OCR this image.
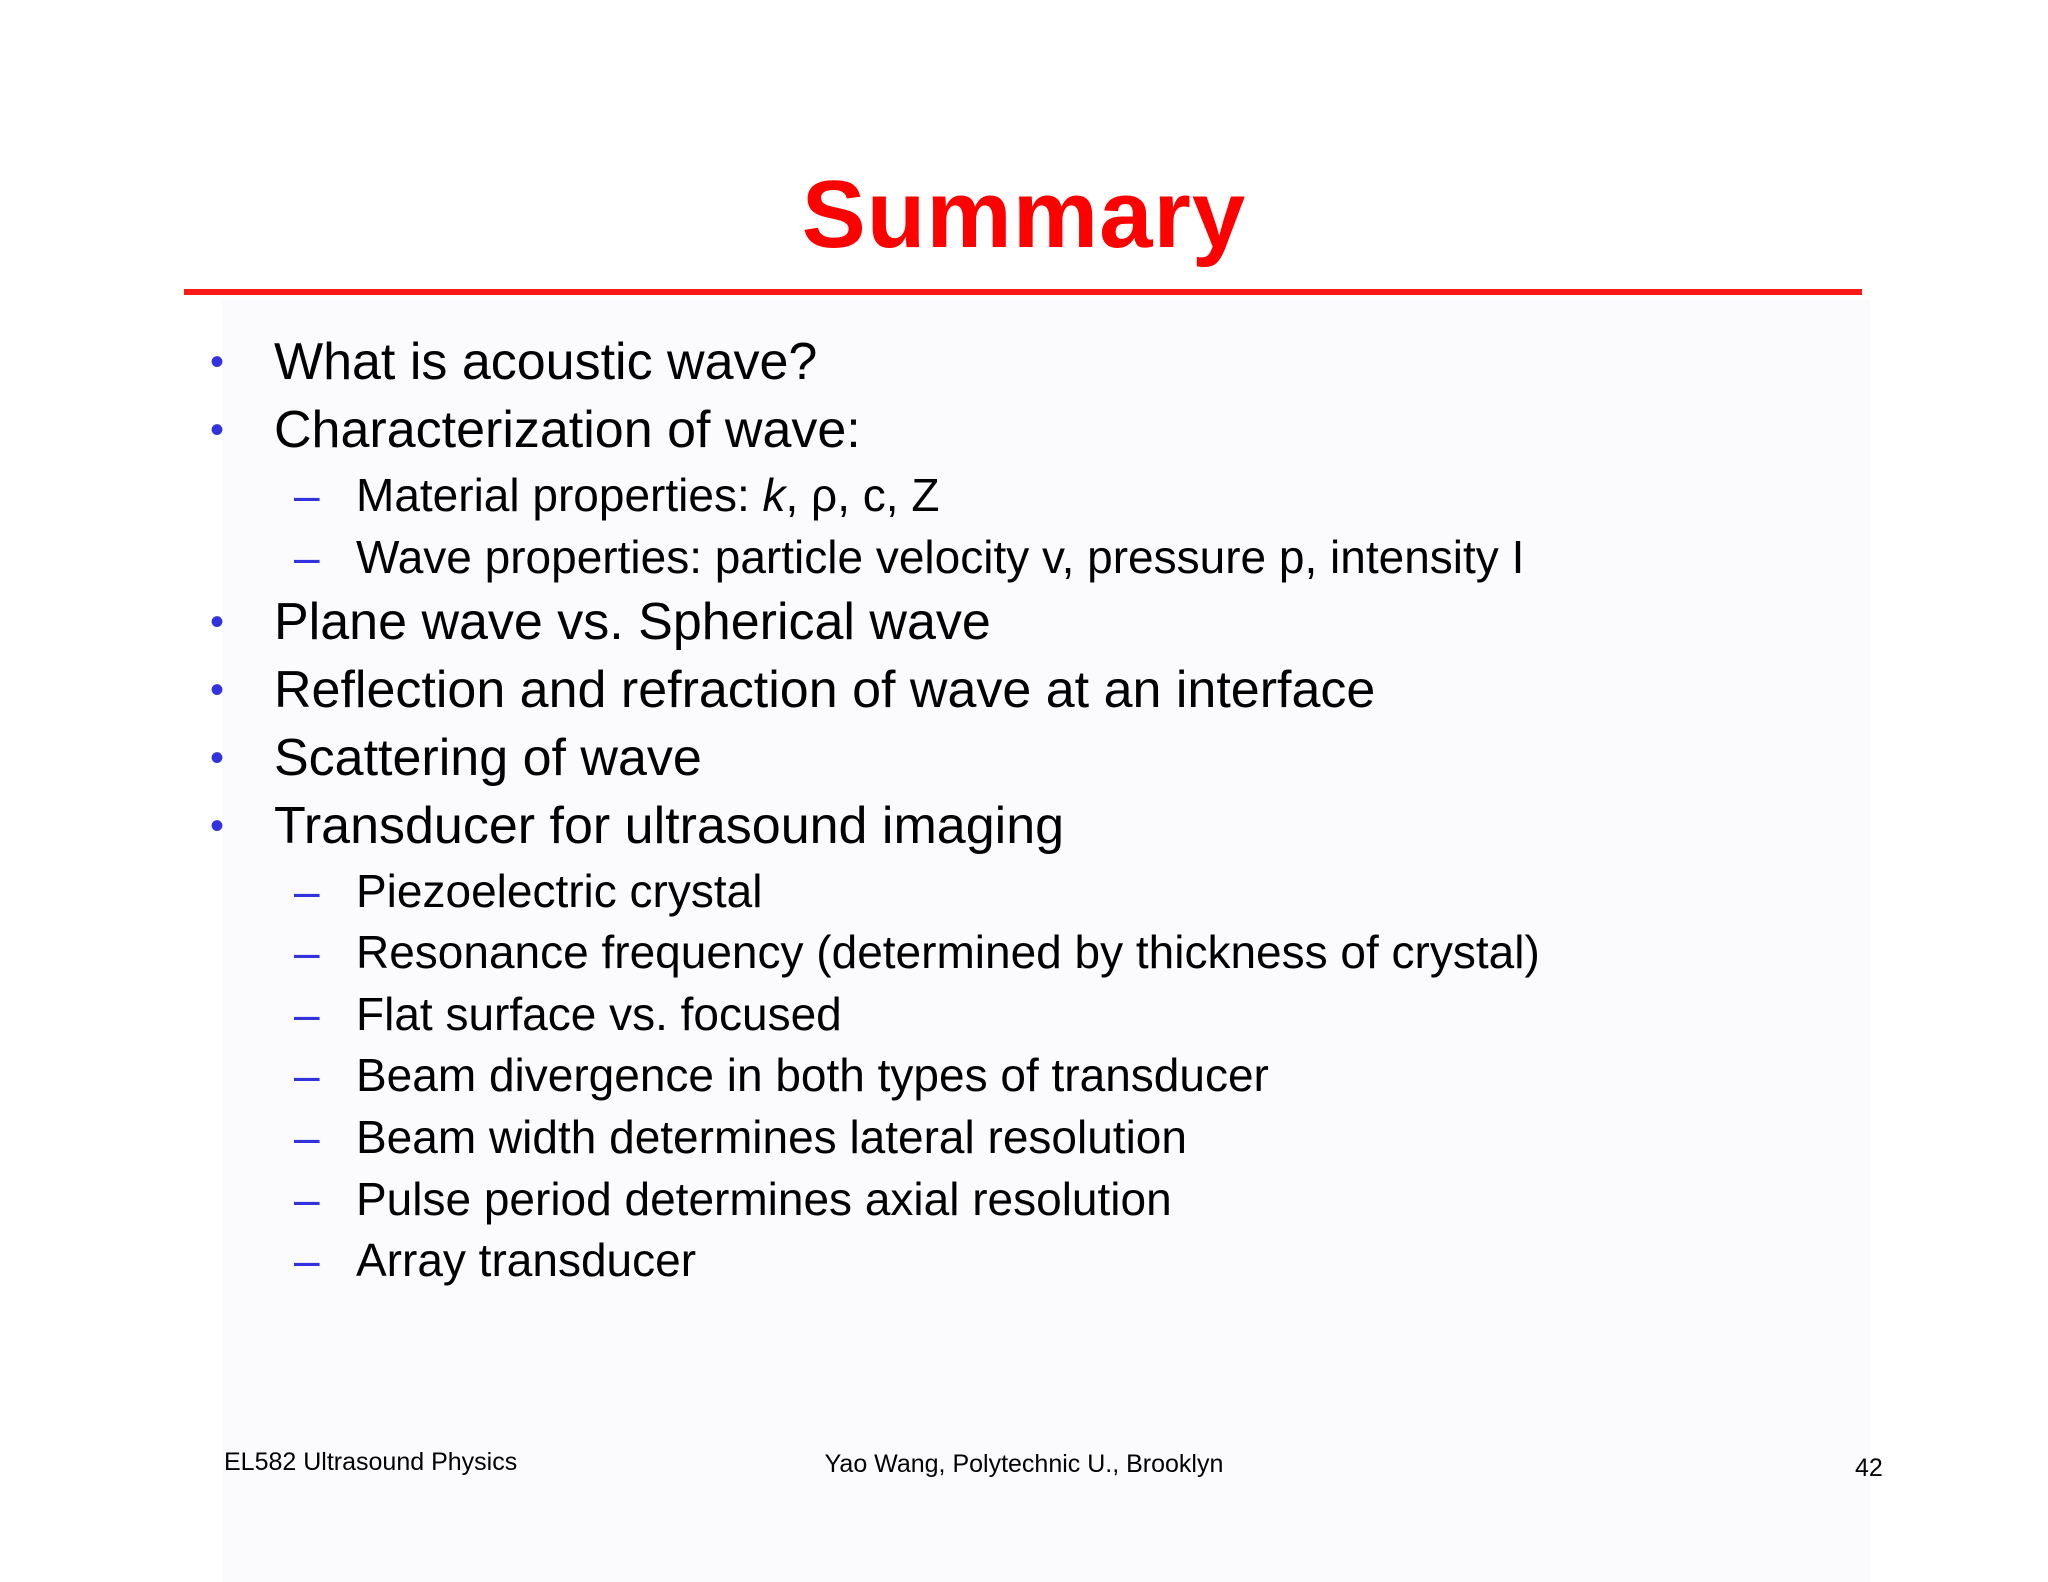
Summary
• What is acoustic wave?
• Characterization of wave:
– Material properties: k, ρ, c, Z
– Wave properties: particle velocity v, pressure p, intensity I
• Plane wave vs. Spherical wave
• Reflection and refraction of wave at an interface
• Scattering of wave
• Transducer for ultrasound imaging
– Piezoelectric crystal
– Resonance frequency (determined by thickness of crystal)
– Flat surface vs. focused
– Beam divergence in both types of transducer
– Beam width determines lateral resolution
– Pulse period determines axial resolution
– Array transducer
EL582 Ultrasound Physics	Yao Wang, Polytechnic U., Brooklyn	42
